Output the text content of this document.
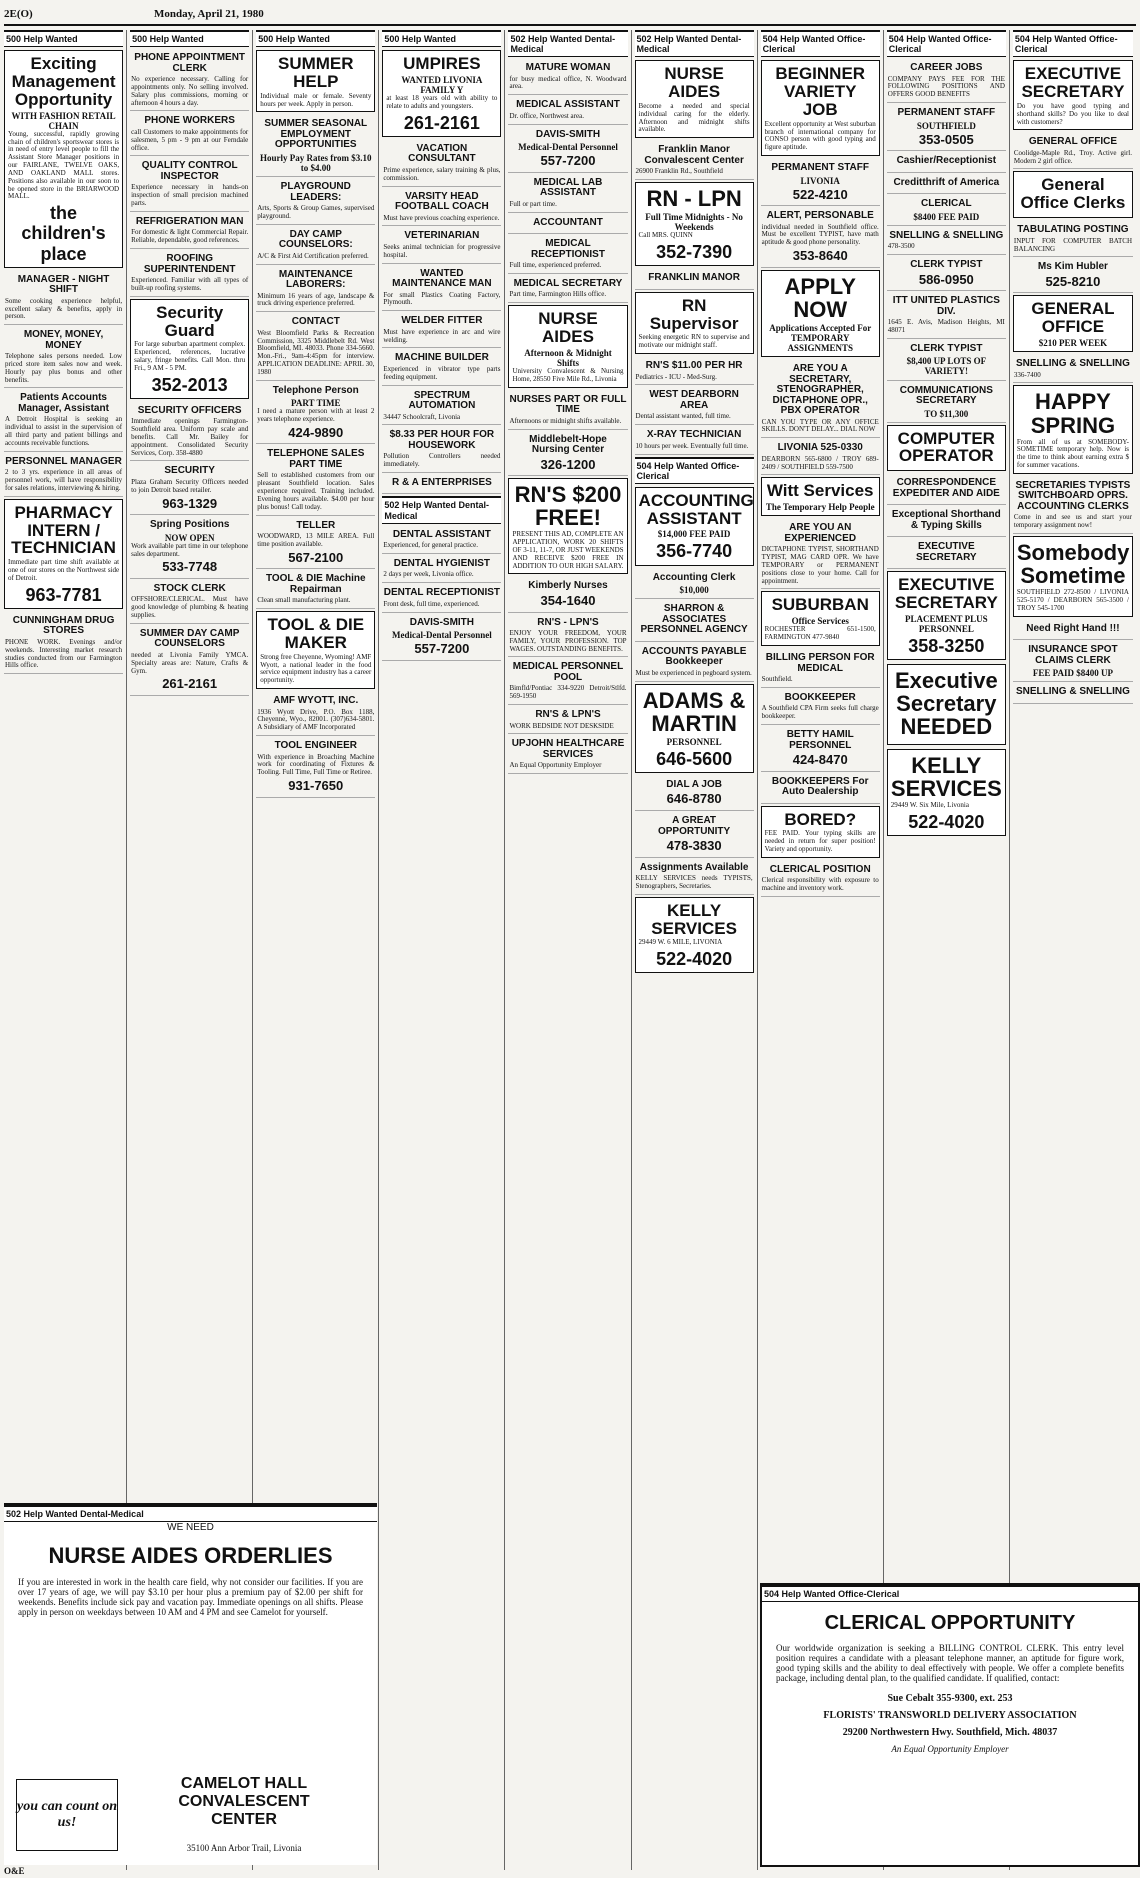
2E(O)	Monday, April 21, 1980
500 Help Wanted
Exciting Management Opportunity
WITH FASHION RETAIL CHAIN
Young, successful, rapidly growing chain of children's sportswear stores is in need of entry level people to fill the Assistant Store Manager positions in our FAIRLANE, TWELVE OAKS, AND OAKLAND MALL stores. Positions also available in our soon to be opened store in the BRIARWOOD MALL.
the children's place
MANAGER - NIGHT SHIFT
Some cooking experience helpful, excellent salary & benefits, apply in person.
MONEY, MONEY, MONEY
Telephone sales persons needed. Low priced store item sales now and week. Hourly pay plus bonus and other benefits.
Patients Accounts Manager, Assistant
A Detroit Hospital is seeking an individual to assist in the supervision of all third party and patient billings and accounts receivable functions.
PERSONNEL MANAGER
2 to 3 yrs. experience in all areas of personnel work, will have responsibility for sales relations, interviewing & hiring.
PHARMACY INTERN / TECHNICIAN
Immediate part time shift available at one of our stores on the Northwest side of Detroit.
963-7781
CUNNINGHAM DRUG STORES
PHONE WORK. Evenings and/or weekends. Interesting market research studies conducted from our Farmington Hills office.
500 Help Wanted
PHONE APPOINTMENT CLERK
No experience necessary. Calling for appointments only. No selling involved. Salary plus commissions, morning or afternoon 4 hours a day.
PHONE WORKERS
call Customers to make appointments for salesmen, 5 pm - 9 pm at our Ferndale office.
QUALITY CONTROL INSPECTOR
Experience necessary in hands-on inspection of small precision machined parts.
REFRIGERATION MAN
For domestic & light Commercial Repair. Reliable, dependable, good references.
ROOFING SUPERINTENDENT
Experienced. Familiar with all types of built-up roofing systems.
Security Guard
For large suburban apartment complex. Experienced, references, lucrative salary, fringe benefits. Call Mon. thru Fri., 9 AM - 5 PM.
352-2013
SECURITY OFFICERS
Immediate openings Farmington-Southfield area. Uniform pay scale and benefits. Call Mr. Bailey for appointment. Consolidated Security Services, Corp. 358-4880
SECURITY
Plaza Graham Security Officers needed to join Detroit based retailer.
963-1329
Spring Positions
NOW OPEN
Work available part time in our telephone sales department.
533-7748
STOCK CLERK
OFFSHORE/CLERICAL. Must have good knowledge of plumbing & heating supplies.
SUMMER DAY CAMP COUNSELORS
needed at Livonia Family YMCA. Specialty areas are: Nature, Crafts & Gym.
261-2161
500 Help Wanted
SUMMER HELP
Individual male or female. Seventy hours per week. Apply in person.
SUMMER SEASONAL EMPLOYMENT OPPORTUNITIES
Hourly Pay Rates from $3.10 to $4.00
PLAYGROUND LEADERS:
Arts, Sports & Group Games, supervised playground.
DAY CAMP COUNSELORS:
A/C & First Aid Certification preferred.
MAINTENANCE LABORERS:
Minimum 16 years of age, landscape & truck driving experience preferred.
CONTACT
West Bloomfield Parks & Recreation Commission, 3325 Middlebelt Rd. West Bloomfield, MI. 48033. Phone 334-5660. Mon.-Fri., 9am-4:45pm for interview. APPLICATION DEADLINE: APRIL 30, 1980
Telephone Person
PART TIME
I need a mature person with at least 2 years telephone experience.
424-9890
TELEPHONE SALES PART TIME
Sell to established customers from our pleasant Southfield location. Sales experience required. Training included. Evening hours available. $4.00 per hour plus bonus! Call today.
TELLER
WOODWARD, 13 MILE AREA. Full time position available.
567-2100
TOOL & DIE Machine Repairman
Clean small manufacturing plant.
TOOL & DIE MAKER
Strong free Cheyenne, Wyoming! AMF Wyott, a national leader in the food service equipment industry has a career opportunity.
AMF WYOTT, INC.
1936 Wyott Drive, P.O. Box 1188, Cheyenne, Wyo., 82001. (307)634-5801. A Subsidiary of AMF Incorporated
TOOL ENGINEER
With experience in Broaching Machine work for coordinating of Fixtures & Tooling. Full Time, Full Time or Retiree.
931-7650
500 Help Wanted
UMPIRES
WANTED LIVONIA FAMILY Y
at least 18 years old with ability to relate to adults and youngsters.
261-2161
VACATION CONSULTANT
Prime experience, salary training & plus, commission.
VARSITY HEAD FOOTBALL COACH
Must have previous coaching experience.
VETERINARIAN
Seeks animal technician for progressive hospital.
WANTED MAINTENANCE MAN
For small Plastics Coating Factory, Plymouth.
WELDER FITTER
Must have experience in arc and wire welding.
MACHINE BUILDER
Experienced in vibrator type parts feeding equipment.
SPECTRUM AUTOMATION
34447 Schoolcraft, Livonia
$8.33 PER HOUR FOR HOUSEWORK
Pollution Controllers needed immediately.
R & A ENTERPRISES
502 Help Wanted Dental-Medical
DENTAL ASSISTANT
Experienced, for general practice.
DENTAL HYGIENIST
2 days per week, Livonia office.
DENTAL RECEPTIONIST
Front desk, full time, experienced.
DAVIS-SMITH
Medical-Dental Personnel
557-7200
502 Help Wanted Dental-Medical
MATURE WOMAN
for busy medical office, N. Woodward area.
MEDICAL ASSISTANT
Dr. office, Northwest area.
DAVIS-SMITH
Medical-Dental Personnel
557-7200
MEDICAL LAB ASSISTANT
Full or part time.
ACCOUNTANT
MEDICAL RECEPTIONIST
Full time, experienced preferred.
MEDICAL SECRETARY
Part time, Farmington Hills office.
NURSE AIDES
Afternoon & Midnight Shifts
University Convalescent & Nursing Home, 28550 Five Mile Rd., Livonia
NURSES PART OR FULL TIME
Afternoons or midnight shifts available.
Middlebelt-Hope Nursing Center
326-1200
RN'S $200 FREE!
PRESENT THIS AD, COMPLETE AN APPLICATION, WORK 20 SHIFTS OF 3-11, 11-7, OR JUST WEEKENDS AND RECEIVE $200 FREE IN ADDITION TO OUR HIGH SALARY.
Kimberly Nurses
354-1640
RN'S - LPN'S
ENJOY YOUR FREEDOM, YOUR FAMILY, YOUR PROFESSION. TOP WAGES. OUTSTANDING BENEFITS.
MEDICAL PERSONNEL POOL
Bimfld/Pontiac 334-9220 Detroit/Stlfd. 569-1950
RN'S & LPN'S
WORK BEDSIDE NOT DESKSIDE
UPJOHN HEALTHCARE SERVICES
An Equal Opportunity Employer
502 Help Wanted Dental-Medical
NURSE AIDES
Become a needed and special individual caring for the elderly. Afternoon and midnight shifts available.
Franklin Manor Convalescent Center
26900 Franklin Rd., Southfield
RN - LPN
Full Time Midnights - No Weekends
Call MRS. QUINN
352-7390
FRANKLIN MANOR
RN Supervisor
Seeking energetic RN to supervise and motivate our midnight staff.
RN'S $11.00 PER HR
Pediatrics - ICU - Med-Surg.
WEST DEARBORN AREA
Dental assistant wanted, full time.
X-RAY TECHNICIAN
10 hours per week. Eventually full time.
504 Help Wanted Office-Clerical
ACCOUNTING ASSISTANT
$14,000 FEE PAID
356-7740
Accounting Clerk
$10,000
SHARRON & ASSOCIATES PERSONNEL AGENCY
ACCOUNTS PAYABLE Bookkeeper
Must be experienced in pegboard system.
ADAMS & MARTIN
PERSONNEL
646-5600
DIAL A JOB
646-8780
A GREAT OPPORTUNITY
478-3830
Assignments Available
KELLY SERVICES needs TYPISTS, Stenographers, Secretaries.
KELLY SERVICES
29449 W. 6 MILE, LIVONIA
522-4020
504 Help Wanted Office-Clerical
BEGINNER VARIETY JOB
Excellent opportunity at West suburban branch of international company for CONSO person with good typing and figure aptitude.
PERMANENT STAFF
LIVONIA
522-4210
ALERT, PERSONABLE
individual needed in Southfield office. Must be excellent TYPIST, have math aptitude & good phone personality.
353-8640
APPLY NOW
Applications Accepted For TEMPORARY ASSIGNMENTS
ARE YOU A SECRETARY, STENOGRAPHER, DICTAPHONE OPR., PBX OPERATOR
CAN YOU TYPE OR ANY OFFICE SKILLS. DON'T DELAY... DIAL NOW
LIVONIA 525-0330
DEARBORN 565-6800 / TROY 689-2409 / SOUTHFIELD 559-7500
Witt Services
The Temporary Help People
ARE YOU AN EXPERIENCED
DICTAPHONE TYPIST, SHORTHAND TYPIST, MAG CARD OPR. We have TEMPORARY or PERMANENT positions close to your home. Call for appointment.
SUBURBAN
Office Services
ROCHESTER 651-1500, FARMINGTON 477-9840
BILLING PERSON FOR MEDICAL
Southfield.
BOOKKEEPER
A Southfield CPA Firm seeks full charge bookkeeper.
BETTY HAMIL PERSONNEL
424-8470
BOOKKEEPERS For Auto Dealership
BORED?
FEE PAID. Your typing skills are needed in return for super position! Variety and opportunity.
CLERICAL POSITION
Clerical responsibility with exposure to machine and inventory work.
504 Help Wanted Office-Clerical
CAREER JOBS
COMPANY PAYS FEE FOR THE FOLLOWING POSITIONS AND OFFERS GOOD BENEFITS
PERMANENT STAFF
SOUTHFIELD
353-0505
Cashier/Receptionist
Creditthrift of America
CLERICAL
$8400 FEE PAID
SNELLING & SNELLING
478-3500
CLERK TYPIST
586-0950
ITT UNITED PLASTICS DIV.
1645 E. Avis, Madison Heights, MI 48071
CLERK TYPIST
$8,400 UP LOTS OF VARIETY!
COMMUNICATIONS SECRETARY
TO $11,300
COMPUTER OPERATOR
CORRESPONDENCE EXPEDITER AND AIDE
Exceptional Shorthand & Typing Skills
EXECUTIVE SECRETARY
EXECUTIVE SECRETARY
PLACEMENT PLUS PERSONNEL
358-3250
Executive Secretary NEEDED
KELLY SERVICES
29449 W. Six Mile, Livonia
522-4020
504 Help Wanted Office-Clerical
EXECUTIVE SECRETARY
Do you have good typing and shorthand skills? Do you like to deal with customers?
GENERAL OFFICE
Coolidge-Maple Rd., Troy. Active girl. Modern 2 girl office.
General Office Clerks
TABULATING POSTING
INPUT FOR COMPUTER BATCH BALANCING
Ms Kim Hubler
525-8210
GENERAL OFFICE
$210 PER WEEK
SNELLING & SNELLING
336-7400
HAPPY SPRING
From all of us at SOMEBODY-SOMETIME temporary help. Now is the time to think about earning extra $ for summer vacations.
SECRETARIES TYPISTS SWITCHBOARD OPRS. ACCOUNTING CLERKS
Come in and see us and start your temporary assignment now!
Somebody Sometime
SOUTHFIELD 272-8500 / LIVONIA 525-5170 / DEARBORN 565-3500 / TROY 545-1700
Need Right Hand !!!
INSURANCE SPOT CLAIMS CLERK
FEE PAID $8400 UP
SNELLING & SNELLING
502 Help Wanted Dental-Medical
WE NEED
NURSE AIDES ORDERLIES
If you are interested in work in the health care field, why not consider our facilities. If you are over 17 years of age, we will pay $3.10 per hour plus a premium pay of $2.00 per shift for weekends. Benefits include sick pay and vacation pay. Immediate openings on all shifts. Please apply in person on weekdays between 10 AM and 4 PM and see Camelot for yourself.
you can count on us!
CAMELOT HALL CONVALESCENT CENTER
35100 Ann Arbor Trail, Livonia
504 Help Wanted Office-Clerical
CLERICAL OPPORTUNITY
Our worldwide organization is seeking a BILLING CONTROL CLERK. This entry level position requires a candidate with a pleasant telephone manner, an aptitude for figure work, good typing skills and the ability to deal effectively with people. We offer a complete benefits package, including dental plan, to the qualified candidate. If qualified, contact:
Sue Cebalt 355-9300, ext. 253
FLORISTS' TRANSWORLD DELIVERY ASSOCIATION
29200 Northwestern Hwy. Southfield, Mich. 48037
An Equal Opportunity Employer
O&E
